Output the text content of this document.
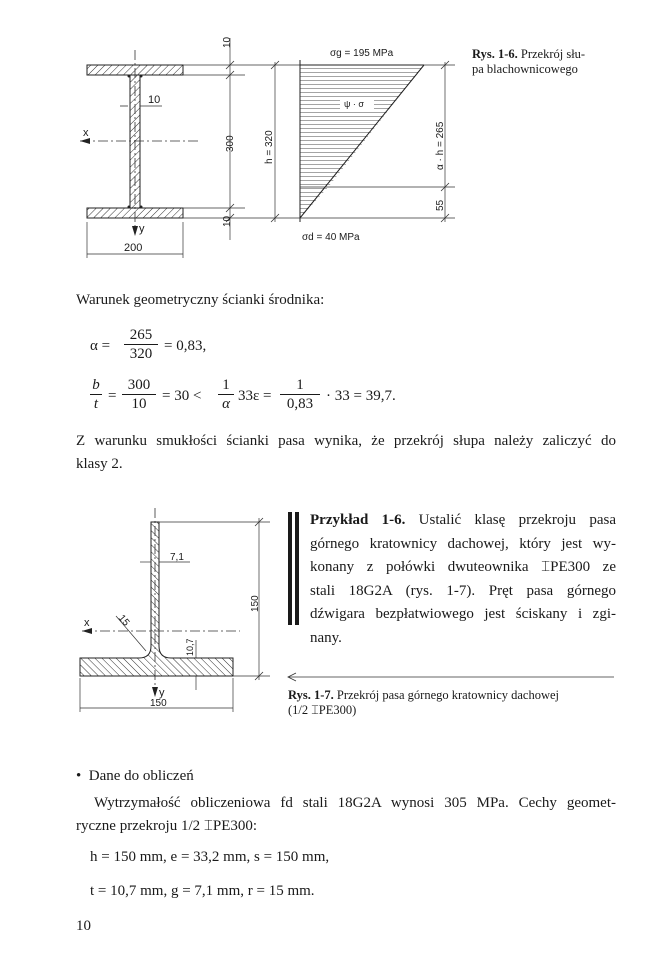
10
300
10
200
10
x
y
h = 320	α · h = 265
55
σg = 195 MPa
σd = 40 MPa
ψ · σ
Rys. 1-6. Przekrój słu-
pa blachownicowego
Warunek geometryczny ścianki środnika:
$\alpha = \frac{265}{320} = 0,83$,
$\frac{b}{t} = \frac{300}{10} = 30 < \frac{1}{\alpha} 33\varepsilon = \frac{1}{0,83} \cdot 33 = 39,7$.
Z warunku smukłości ścianki pasa wynika, że przekrój słupa należy zaliczyć do
klasy 2.
150
150
7,1
10,7
15
x
y
Przykład 1-6. Ustalić klasę przekroju pasa
górnego kratownicy dachowej, który jest wy-
konany z połówki dwuteownika ⌶PE300 ze
stali 18G2A (rys. 1-7). Pręt pasa górnego
dźwigara bezpłatwiowego jest ściskany i zgi-
nany.
Rys. 1-7. Przekrój pasa górnego kratownicy dachowej
(1/2 ⌶PE300)
• Dane do obliczeń
Wytrzymałość obliczeniowa fd stali 18G2A wynosi 305 MPa. Cechy geomet-
ryczne przekroju 1/2 ⌶PE300:
h = 150 mm, e = 33,2 mm, s = 150 mm,
t = 10,7 mm, g = 7,1 mm, r = 15 mm.
10
